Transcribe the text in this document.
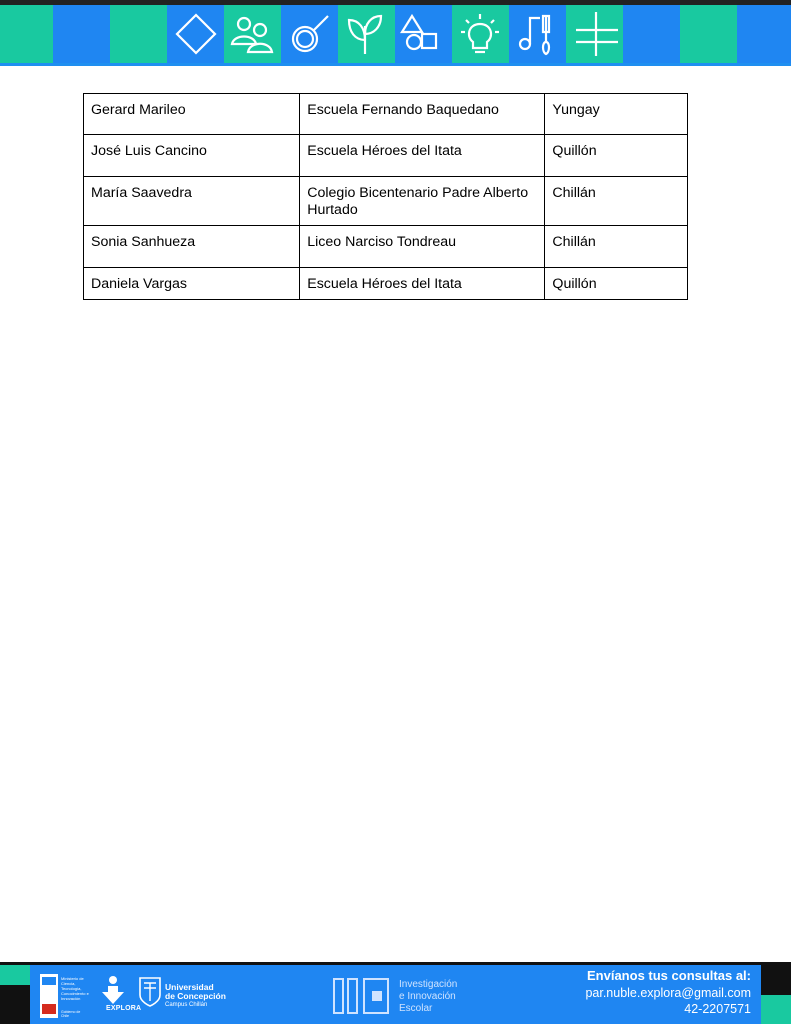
Gerard Marileo	Escuela Fernando Baquedano	Yungay
José Luis Cancino	Escuela Héroes del Itata	Quillón
María Saavedra	Colegio Bicentenario Padre Alberto Hurtado	Chillán
Sonia Sanhueza	Liceo Narciso Tondreau	Chillán
Daniela Vargas	Escuela Héroes del Itata	Quillón
Ministerio de Ciencia, Tecnología, Conocimiento e Innovación
Gobierno de Chile
EXPLORA
Universidad
de Concepción
Campus Chillán
Investigación
e Innovación
Escolar
Envíanos tus consultas al:
par.nuble.explora@gmail.com
42-2207571
